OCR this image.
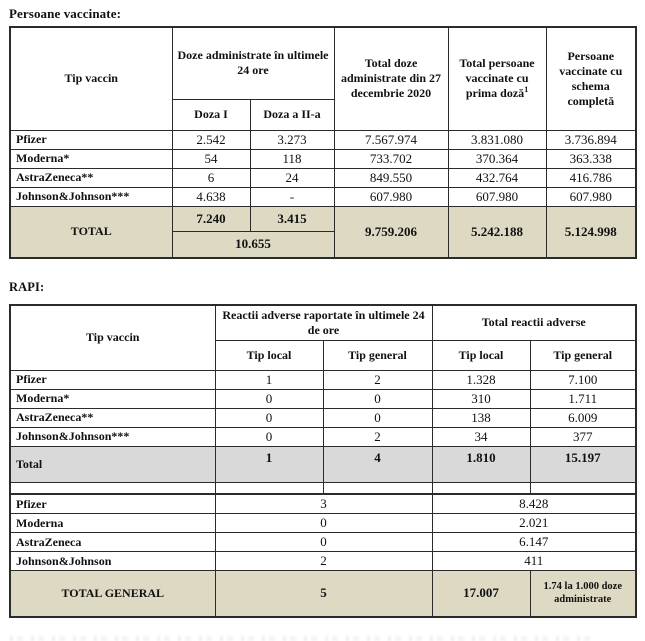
Persoane vaccinate:
Tip vaccin	Doze administrate în ultimele 24 ore		Total doze administrate din 27 decembrie 2020	Total persoane vaccinate cu prima doză$^1$	Persoane vaccinate cu schema completă
	Doza I	Doza a II-a			
Pfizer	2.542	3.273	7.567.974	3.831.080	3.736.894
Moderna*	54	118	733.702	370.364	363.338
AstraZeneca**	6	24	849.550	432.764	416.786
Johnson&Johnson***	4.638	-	607.980	607.980	607.980
TOTAL	7.240	3.415	9.759.206	5.242.188	5.124.998
	10.655				
RAPI:
Tip vaccin	Reactii adverse raportate în ultimele 24 de ore		Total reactii adverse	
	Tip local	Tip general	Tip local	Tip general
Pfizer	1	2	1.328	7.100
Moderna*	0	0	310	1.711
AstraZeneca**	0	0	138	6.009
Johnson&Johnson***	0	2	34	377
Total	1	4	1.810	15.197

Pfizer	3		8.428	
Moderna	0		2.021	
AstraZeneca	0		6.147	
Johnson&Johnson	2		411	
TOTAL GENERAL	5		17.007	1.74 la 1.000 doze administrate
